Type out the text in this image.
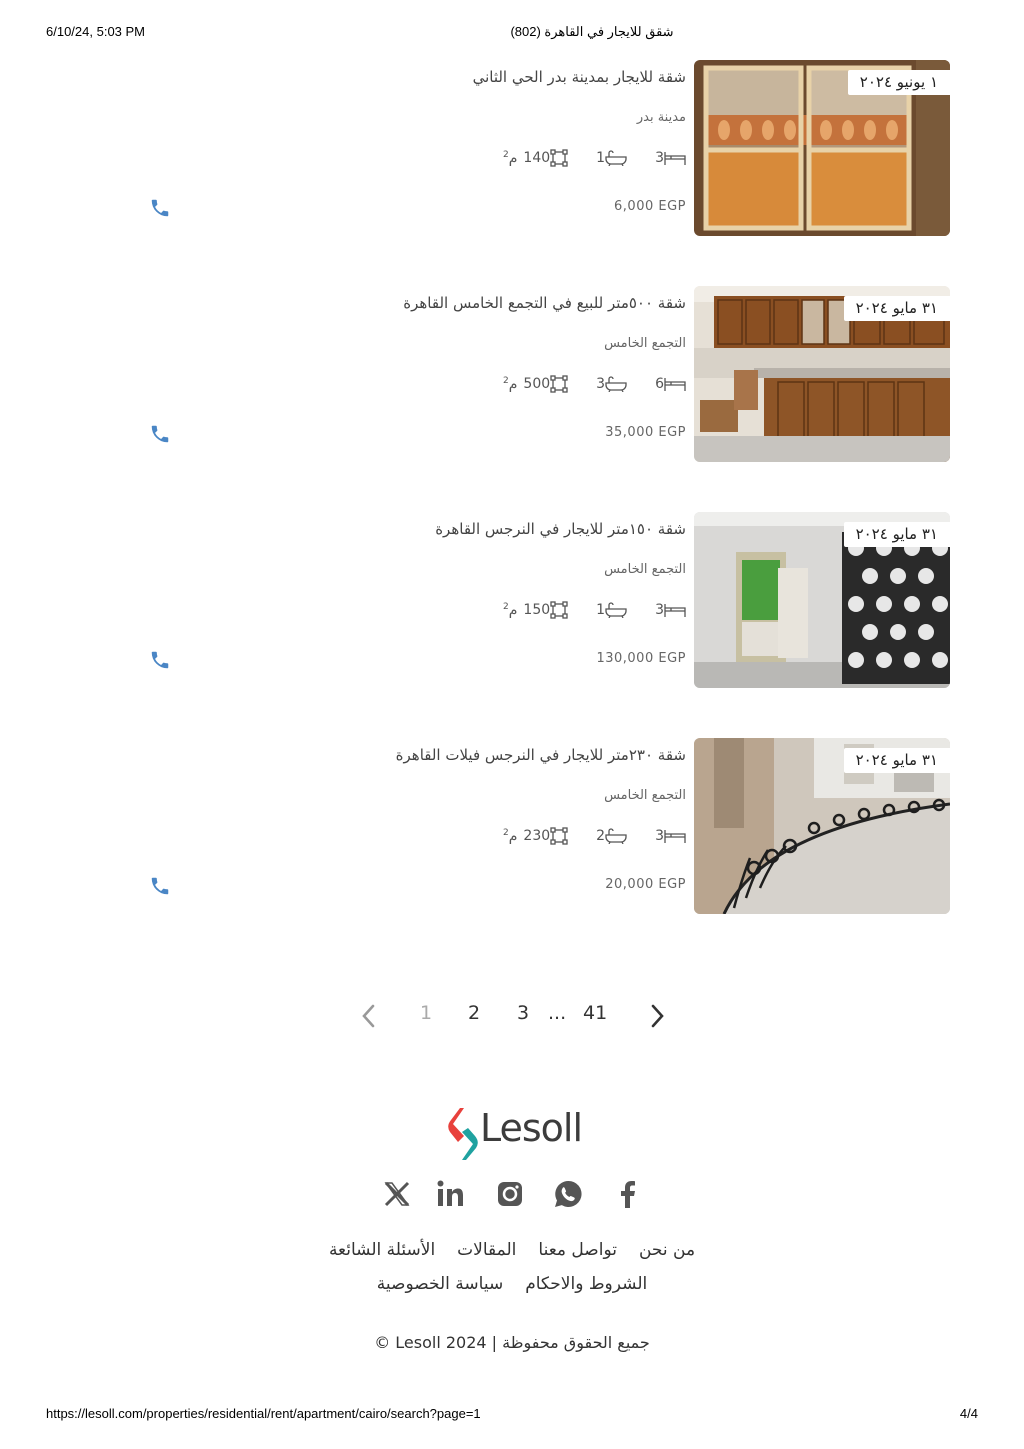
6/10/24, 5:03 PM	شقق للايجار في القاهرة (802)
١ يونيو ٢٠٢٤
شقة للايجار بمدينة بدر الحي الثاني
مدينة بدر
3
1
140
م$^2$
6,000 EGP
٣١ مايو ٢٠٢٤
شقة ٥٠٠متر للبيع في التجمع الخامس القاهرة
التجمع الخامس
6
3
500
م$^2$
35,000 EGP
٣١ مايو ٢٠٢٤
شقة ١٥٠متر للايجار في النرجس القاهرة
التجمع الخامس
3
1
150
م$^2$
130,000 EGP
٣١ مايو ٢٠٢٤
شقة ٢٣٠متر للايجار في النرجس فيلات القاهرة
التجمع الخامس
3
2
230
م$^2$
20,000 EGP
1 2 3 ... 41
Lesoll
من نحن
تواصل معنا
المقالات
الأسئلة الشائعة
الشروط والاحكام
سياسة الخصوصية
جميع الحقوق محفوظة | Lesoll 2024 ©
https://lesoll.com/properties/residential/rent/apartment/cairo/search?page=1	4/4
